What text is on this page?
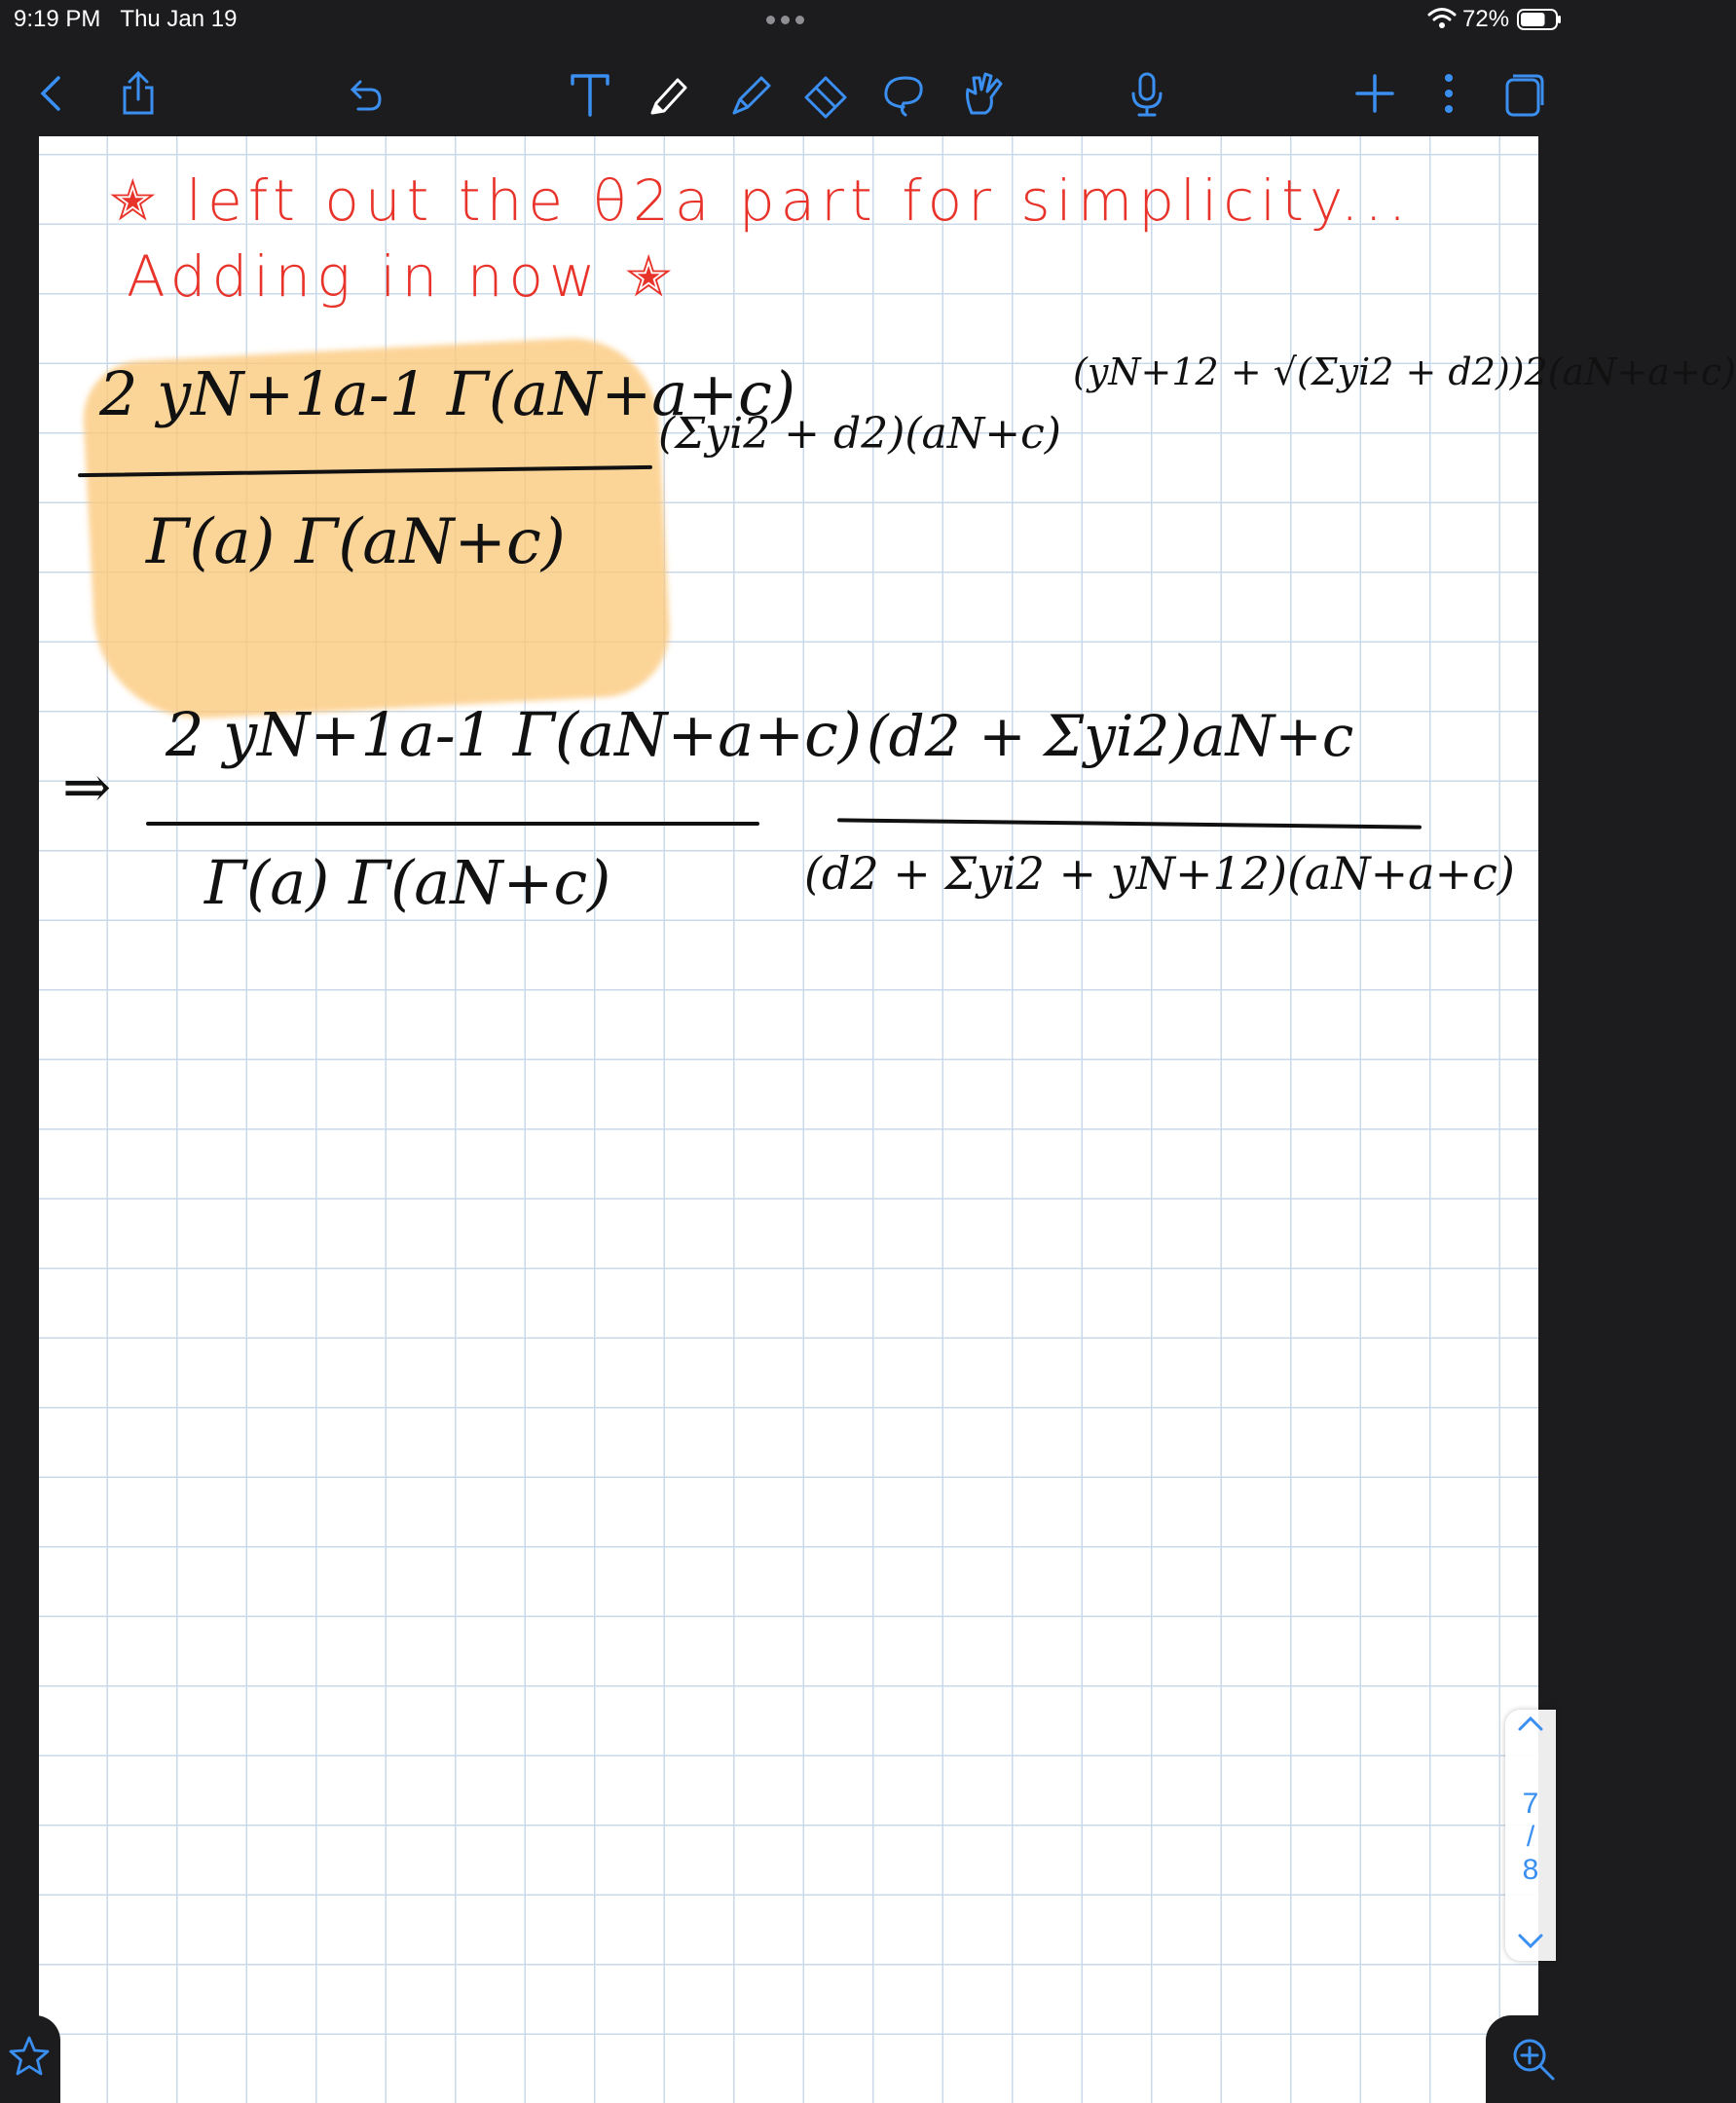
9:19 PM Thu Jan 19	72%
✭ left out the θ2a part for simplicity...
Adding in now ✭
2 yN+1a-1 Γ(aN+a+c)
Γ(a) Γ(aN+c)
(Σyi2 + d2)(aN+c)
(yN+12 + √(Σyi2 + d2))2(aN+a+c)
⇒
2 yN+1a-1 Γ(aN+a+c)
Γ(a) Γ(aN+c)
(d2 + Σyi2)aN+c
(d2 + Σyi2 + yN+12)(aN+a+c)
7
/
8
